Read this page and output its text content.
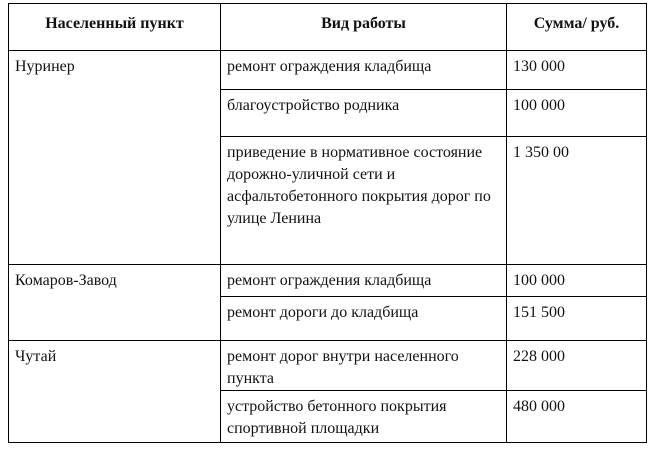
Населенный пункт	Вид работы	Сумма/ руб.

Нуринер	ремонт ограждения кладбища	130 000

	благоустройство родника	100 000

	приведение в нормативное состояние дорожно-уличной сети и асфальтобетонного покрытия дорог по улице Ленина	1 350 00

Комаров-Завод	ремонт ограждения кладбища	100 000

	ремонт дороги до кладбища	151 500

Чутай	ремонт дорог внутри населенного пункта	228 000

	устройство бетонного покрытия спортивной площадки	480 000
